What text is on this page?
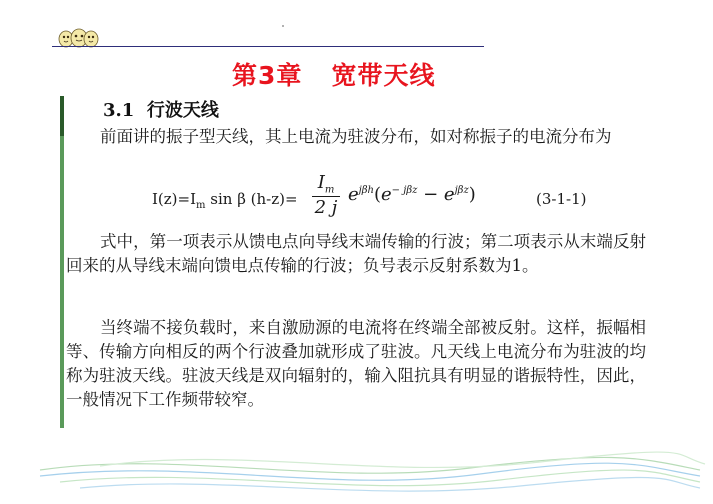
第3章   宽带天线
3.1  行波天线
前面讲的振子型天线，其上电流为驻波分布，如对称振子的电流分布为
$I(z)=I_m$ sin β (h-z)=
$I_m$
2 j
$e^{j\beta h}(e^{- j\beta z} - e^{j\beta z})$	(3-1-1)
式中，第一项表示从馈电点向导线末端传输的行波；第二项表示从末端反射回来的从导线末端向馈电点传输的行波；负号表示反射系数为1。
当终端不接负载时，来自激励源的电流将在终端全部被反射。这样，振幅相等、传输方向相反的两个行波叠加就形成了驻波。凡天线上电流分布为驻波的均称为驻波天线。驻波天线是双向辐射的，输入阻抗具有明显的谐振特性，因此，一般情况下工作频带较窄。
